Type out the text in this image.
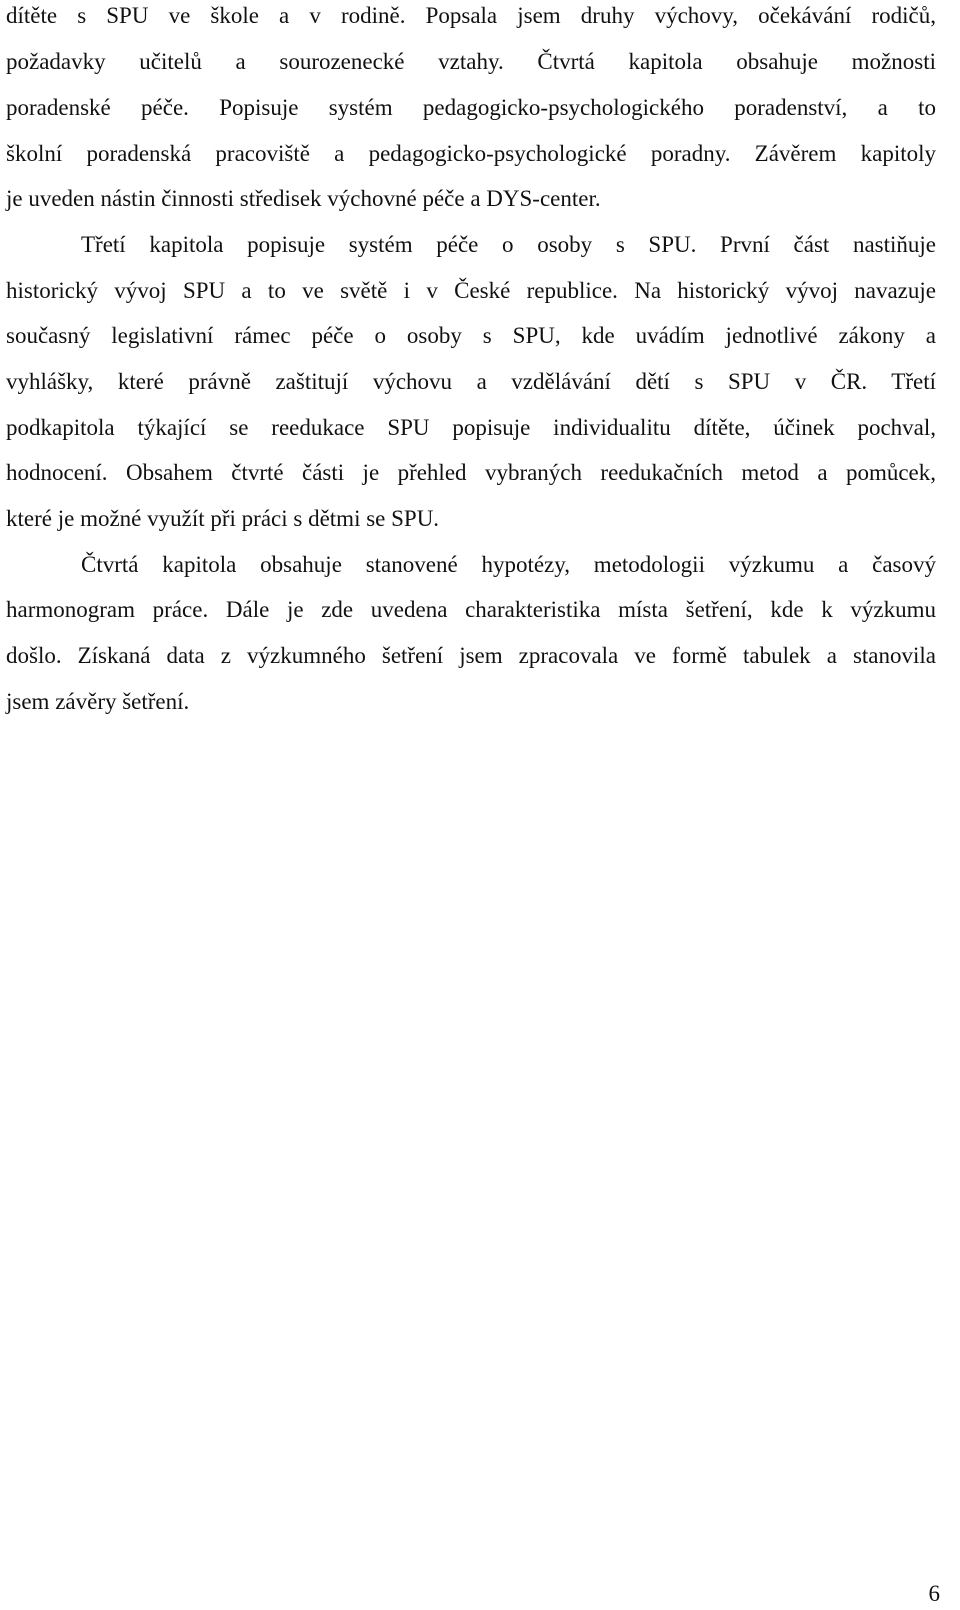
dítěte s SPU ve škole a v rodině. Popsala jsem druhy výchovy, očekávání rodičů,
požadavky učitelů a sourozenecké vztahy. Čtvrtá kapitola obsahuje možnosti
poradenské péče. Popisuje systém pedagogicko-psychologického poradenství, a to
školní poradenská pracoviště a pedagogicko-psychologické poradny. Závěrem kapitoly
je uveden nástin činnosti středisek výchovné péče a DYS-center.
Třetí kapitola popisuje systém péče o osoby s SPU. První část nastiňuje
historický vývoj SPU a to ve světě i v České republice. Na historický vývoj navazuje
současný legislativní rámec péče o osoby s SPU, kde uvádím jednotlivé zákony a
vyhlášky, které právně zaštitují výchovu a vzdělávání dětí s SPU v ČR. Třetí
podkapitola týkající se reedukace SPU popisuje individualitu dítěte, účinek pochval,
hodnocení. Obsahem čtvrté části je přehled vybraných reedukačních metod a pomůcek,
které je možné využít při práci s dětmi se SPU.
Čtvrtá kapitola obsahuje stanovené hypotézy, metodologii výzkumu a časový
harmonogram práce. Dále je zde uvedena charakteristika místa šetření, kde k výzkumu
došlo. Získaná data z výzkumného šetření jsem zpracovala ve formě tabulek a stanovila
jsem závěry šetření.
6
